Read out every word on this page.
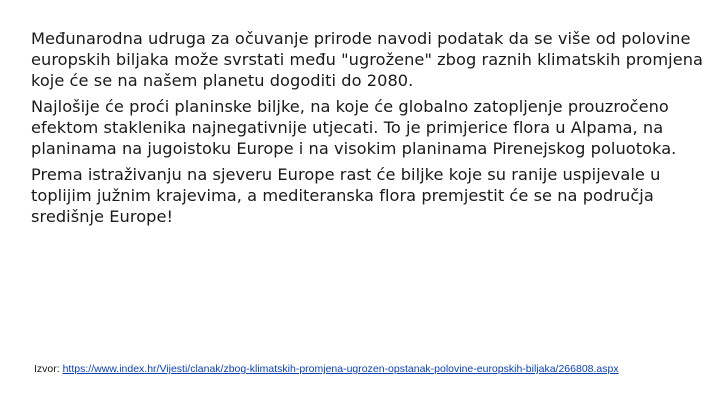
Međunarodna udruga za očuvanje prirode navodi podatak da se više od polovine europskih biljaka može svrstati među "ugrožene" zbog raznih klimatskih promjena koje će se na našem planetu dogoditi do 2080.

Najlošije će proći planinske biljke, na koje će globalno zatopljenje prouzročeno efektom staklenika najnegativnije utjecati. To je primjerice flora u Alpama, na planinama na jugoistoku Europe i na visokim planinama Pirenejskog poluotoka.

Prema istraživanju na sjeveru Europe rast će biljke koje su ranije uspijevale u toplijim južnim krajevima, a mediteranska flora premjestit će se na područja središnje Europe!

Izvor: https://www.index.hr/Vijesti/clanak/zbog-klimatskih-promjena-ugrozen-opstanak-polovine-europskih-biljaka/266808.aspx
